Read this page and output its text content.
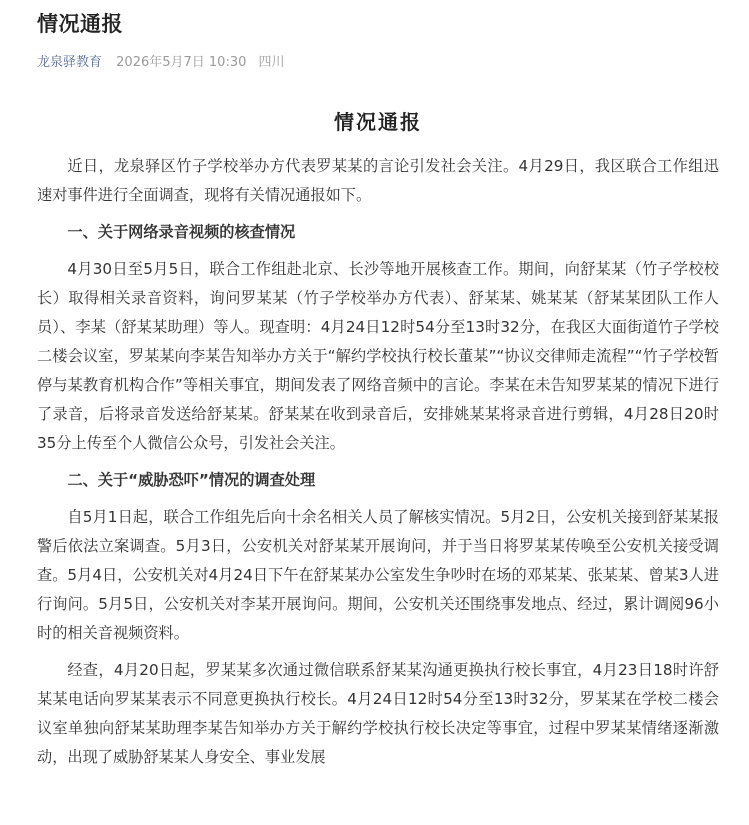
情况通报
龙泉驿教育 2026年5月7日 10:30 四川
情况通报

近日，龙泉驿区竹子学校举办方代表罗某某的言论引发社会关注。4月29日，我区联合工作组迅速对事件进行全面调查，现将有关情况通报如下。

一、关于网络录音视频的核查情况

4月30日至5月5日，联合工作组赴北京、长沙等地开展核查工作。期间，向舒某某（竹子学校校长）取得相关录音资料，询问罗某某（竹子学校举办方代表）、舒某某、姚某某（舒某某团队工作人员）、李某（舒某某助理）等人。现查明：4月24日12时54分至13时32分，在我区大面街道竹子学校二楼会议室，罗某某向李某告知举办方关于“解约学校执行校长董某”“协议交律师走流程”“竹子学校暂停与某教育机构合作”等相关事宜，期间发表了网络音频中的言论。李某在未告知罗某某的情况下进行了录音，后将录音发送给舒某某。舒某某在收到录音后，安排姚某某将录音进行剪辑，4月28日20时35分上传至个人微信公众号，引发社会关注。

二、关于“威胁恐吓”情况的调查处理

自5月1日起，联合工作组先后向十余名相关人员了解核实情况。5月2日，公安机关接到舒某某报警后依法立案调查。5月3日，公安机关对舒某某开展询问，并于当日将罗某某传唤至公安机关接受调查。5月4日，公安机关对4月24日下午在舒某某办公室发生争吵时在场的邓某某、张某某、曾某3人进行询问。5月5日，公安机关对李某开展询问。期间，公安机关还围绕事发地点、经过，累计调阅96小时的相关音视频资料。

经查，4月20日起，罗某某多次通过微信联系舒某某沟通更换执行校长事宜，4月23日18时许舒某某电话向罗某某表示不同意更换执行校长。4月24日12时54分至13时32分，罗某某在学校二楼会议室单独向舒某某助理李某告知举办方关于解约学校执行校长决定等事宜，过程中罗某某情绪逐渐激动，出现了威胁舒某某人身安全、事业发展
